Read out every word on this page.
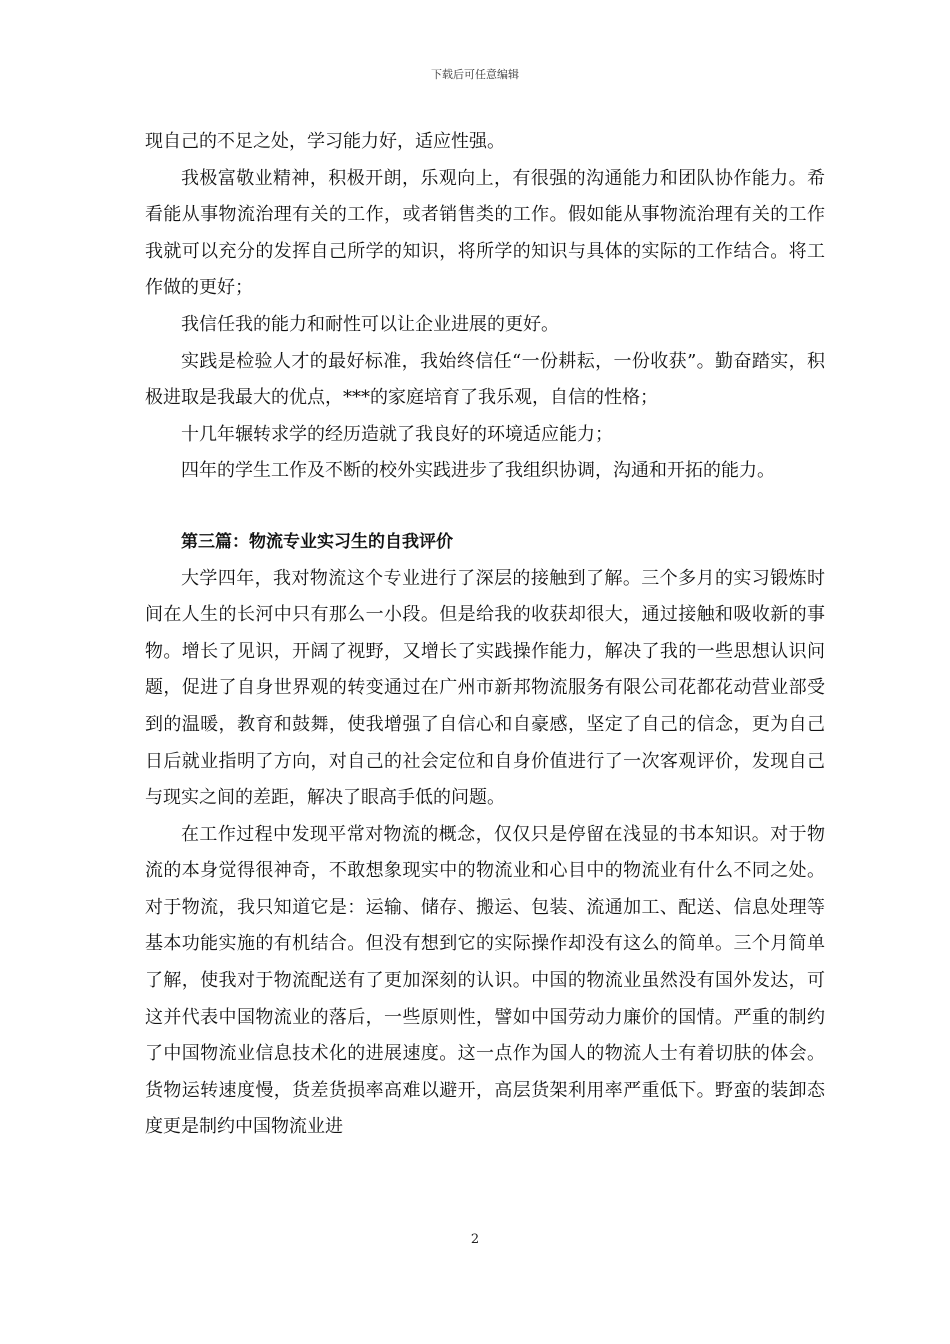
下载后可任意编辑

现自己的不足之处，学习能力好，适应性强。

我极富敬业精神，积极开朗，乐观向上，有很强的沟通能力和团队协作能力。希看能从事物流治理有关的工作，或者销售类的工作。假如能从事物流治理有关的工作我就可以充分的发挥自己所学的知识，将所学的知识与具体的实际的工作结合。将工作做的更好；

我信任我的能力和耐性可以让企业进展的更好。

实践是检验人才的最好标准，我始终信任“一份耕耘，一份收获”。勤奋踏实，积极进取是我最大的优点，***的家庭培育了我乐观，自信的性格；

十几年辗转求学的经历造就了我良好的环境适应能力；

四年的学生工作及不断的校外实践进步了我组织协调，沟通和开拓的能力。

第三篇：物流专业实习生的自我评价

大学四年，我对物流这个专业进行了深层的接触到了解。三个多月的实习锻炼时间在人生的长河中只有那么一小段。但是给我的收获却很大，通过接触和吸收新的事物。增长了见识，开阔了视野，又增长了实践操作能力，解决了我的一些思想认识问题，促进了自身世界观的转变通过在广州市新邦物流服务有限公司花都花动营业部受到的温暖，教育和鼓舞，使我增强了自信心和自豪感，坚定了自己的信念，更为自己日后就业指明了方向，对自己的社会定位和自身价值进行了一次客观评价，发现自己与现实之间的差距，解决了眼高手低的问题。

在工作过程中发现平常对物流的概念，仅仅只是停留在浅显的书本知识。对于物流的本身觉得很神奇，不敢想象现实中的物流业和心目中的物流业有什么不同之处。对于物流，我只知道它是：运输、储存、搬运、包装、流通加工、配送、信息处理等基本功能实施的有机结合。但没有想到它的实际操作却没有这么的简单。三个月简单了解，使我对于物流配送有了更加深刻的认识。中国的物流业虽然没有国外发达，可这并代表中国物流业的落后，一些原则性，譬如中国劳动力廉价的国情。严重的制约了中国物流业信息技术化的进展速度。这一点作为国人的物流人士有着切肤的体会。货物运转速度慢，货差货损率高难以避开，高层货架利用率严重低下。野蛮的装卸态度更是制约中国物流业进

2
